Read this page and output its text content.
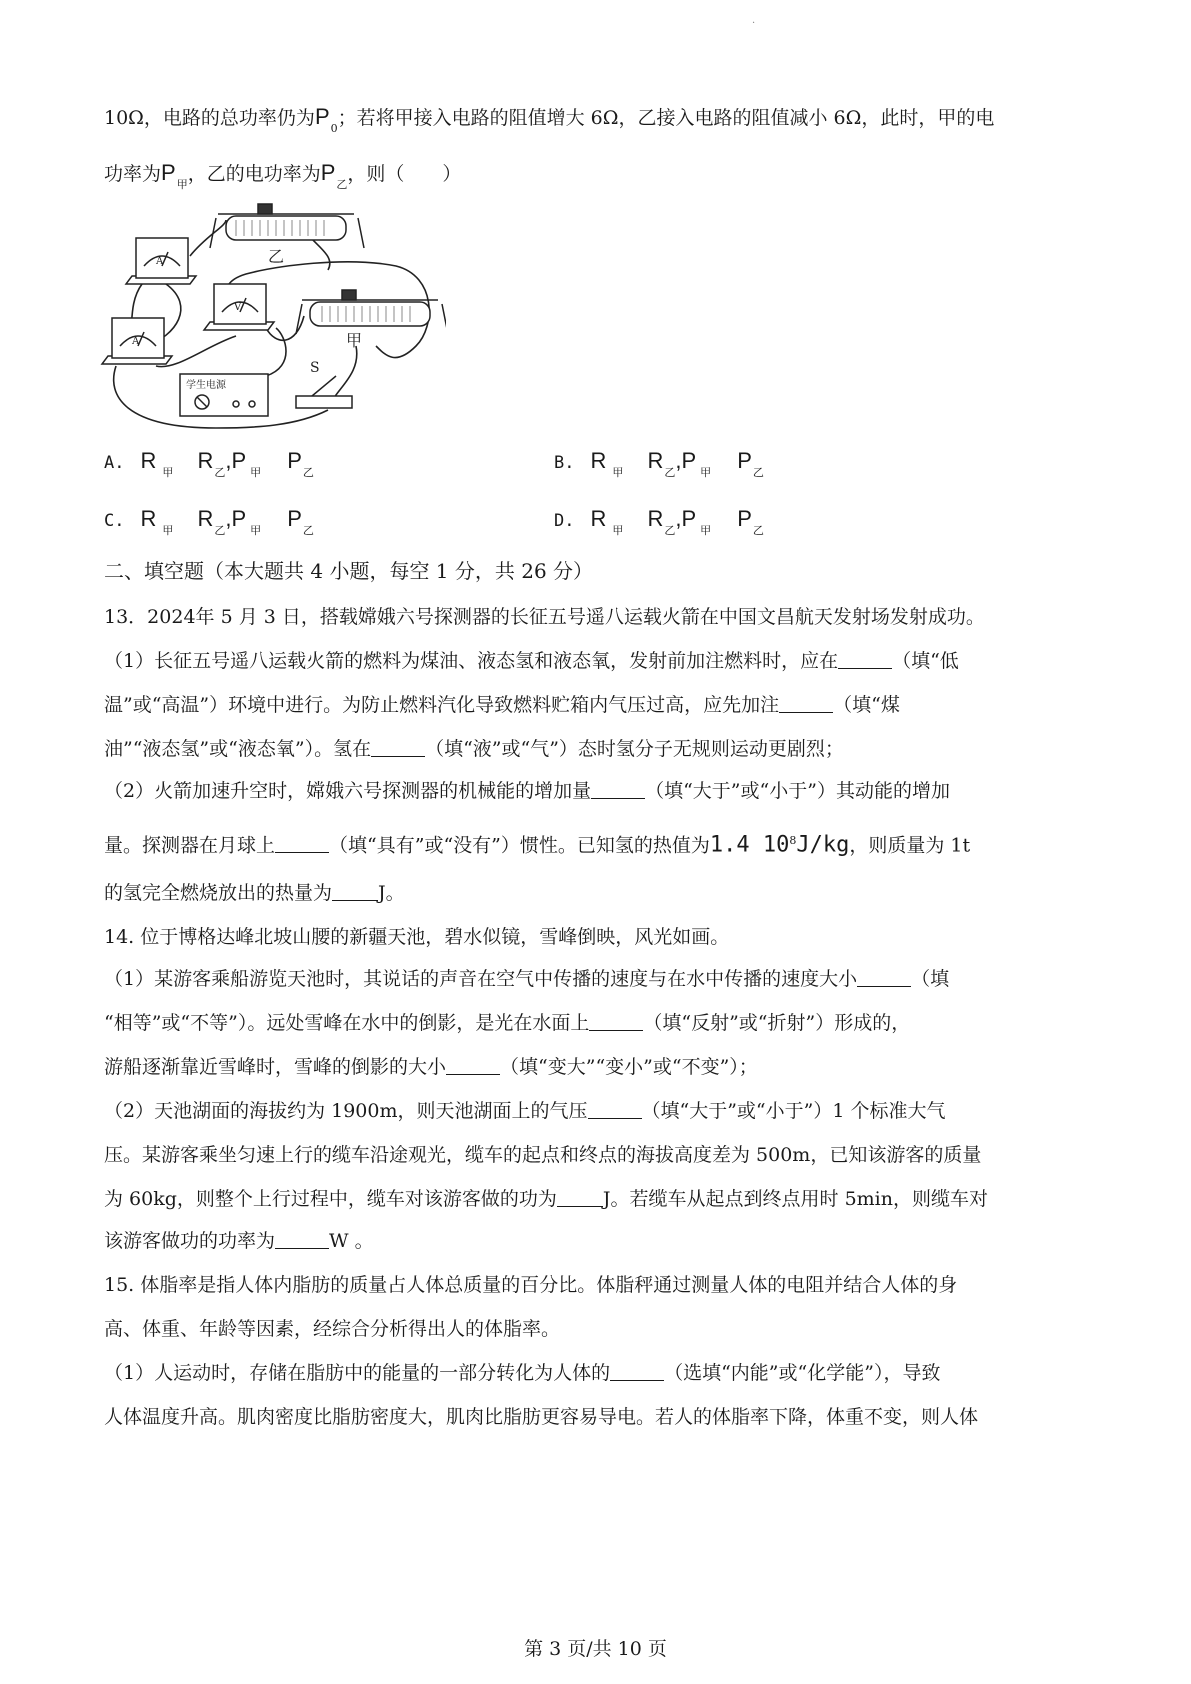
·
10Ω，电路的总功率仍为$P_0$；若将甲接入电路的阻值增大 6Ω，乙接入电路的阻值减小 6Ω，此时，甲的电
功率为$P_甲$，乙的电功率为$P_乙$，则（　　）
乙
甲
A
V
A
学生电源
S
A. R $_甲$ $R_乙,P$ $_甲$ $P_乙$	B. R $_甲$ $R_乙,P$ $_甲$ $P_乙$
C. R $_甲$ $R_乙,P$ $_甲$ $P_乙$	D. R $_甲$ $R_乙,P$ $_甲$ $P_乙$
二、填空题（本大题共 4 小题，每空 1 分，共 26 分）
13．2024年 5 月 3 日，搭载嫦娥六号探测器的长征五号遥八运载火箭在中国文昌航天发射场发射成功。
（1）长征五号遥八运载火箭的燃料为煤油、液态氢和液态氧，发射前加注燃料时，应在	（填“低
温”或“高温”）环境中进行。为防止燃料汽化导致燃料贮箱内气压过高，应先加注	（填“煤
油”“液态氢”或“液态氧”）。氢在	（填“液”或“气”）态时氢分子无规则运动更剧烈；
（2）火箭加速升空时，嫦娥六号探测器的机械能的增加量	（填“大于”或“小于”）其动能的增加
量。探测器在月球上	（填“具有”或“没有”）惯性。已知氢的热值为1.4 $10^8J/kg$，则质量为 1t
的氢完全燃烧放出的热量为 J。
14. 位于博格达峰北坡山腰的新疆天池，碧水似镜，雪峰倒映，风光如画。
（1）某游客乘船游览天池时，其说话的声音在空气中传播的速度与在水中传播的速度大小	（填
“相等”或“不等”）。远处雪峰在水中的倒影，是光在水面上	（填“反射”或“折射”）形成的，
游船逐渐靠近雪峰时，雪峰的倒影的大小	（填“变大”“变小”或“不变”）；
（2）天池湖面的海拔约为 1900m，则天池湖面上的气压	（填“大于”或“小于”）1 个标准大气
压。某游客乘坐匀速上行的缆车沿途观光，缆车的起点和终点的海拔高度差为 500m，已知该游客的质量
为 60kg，则整个上行过程中，缆车对该游客做的功为 J。若缆车从起点到终点用时 5min，则缆车对
该游客做功的功率为	W 。
15. 体脂率是指人体内脂肪的质量占人体总质量的百分比。体脂秤通过测量人体的电阻并结合人体的身
高、体重、年龄等因素，经综合分析得出人的体脂率。
（1）人运动时，存储在脂肪中的能量的一部分转化为人体的	（选填“内能”或“化学能”），导致
人体温度升高。肌肉密度比脂肪密度大，肌肉比脂肪更容易导电。若人的体脂率下降，体重不变，则人体
第 3 页/共 10 页
